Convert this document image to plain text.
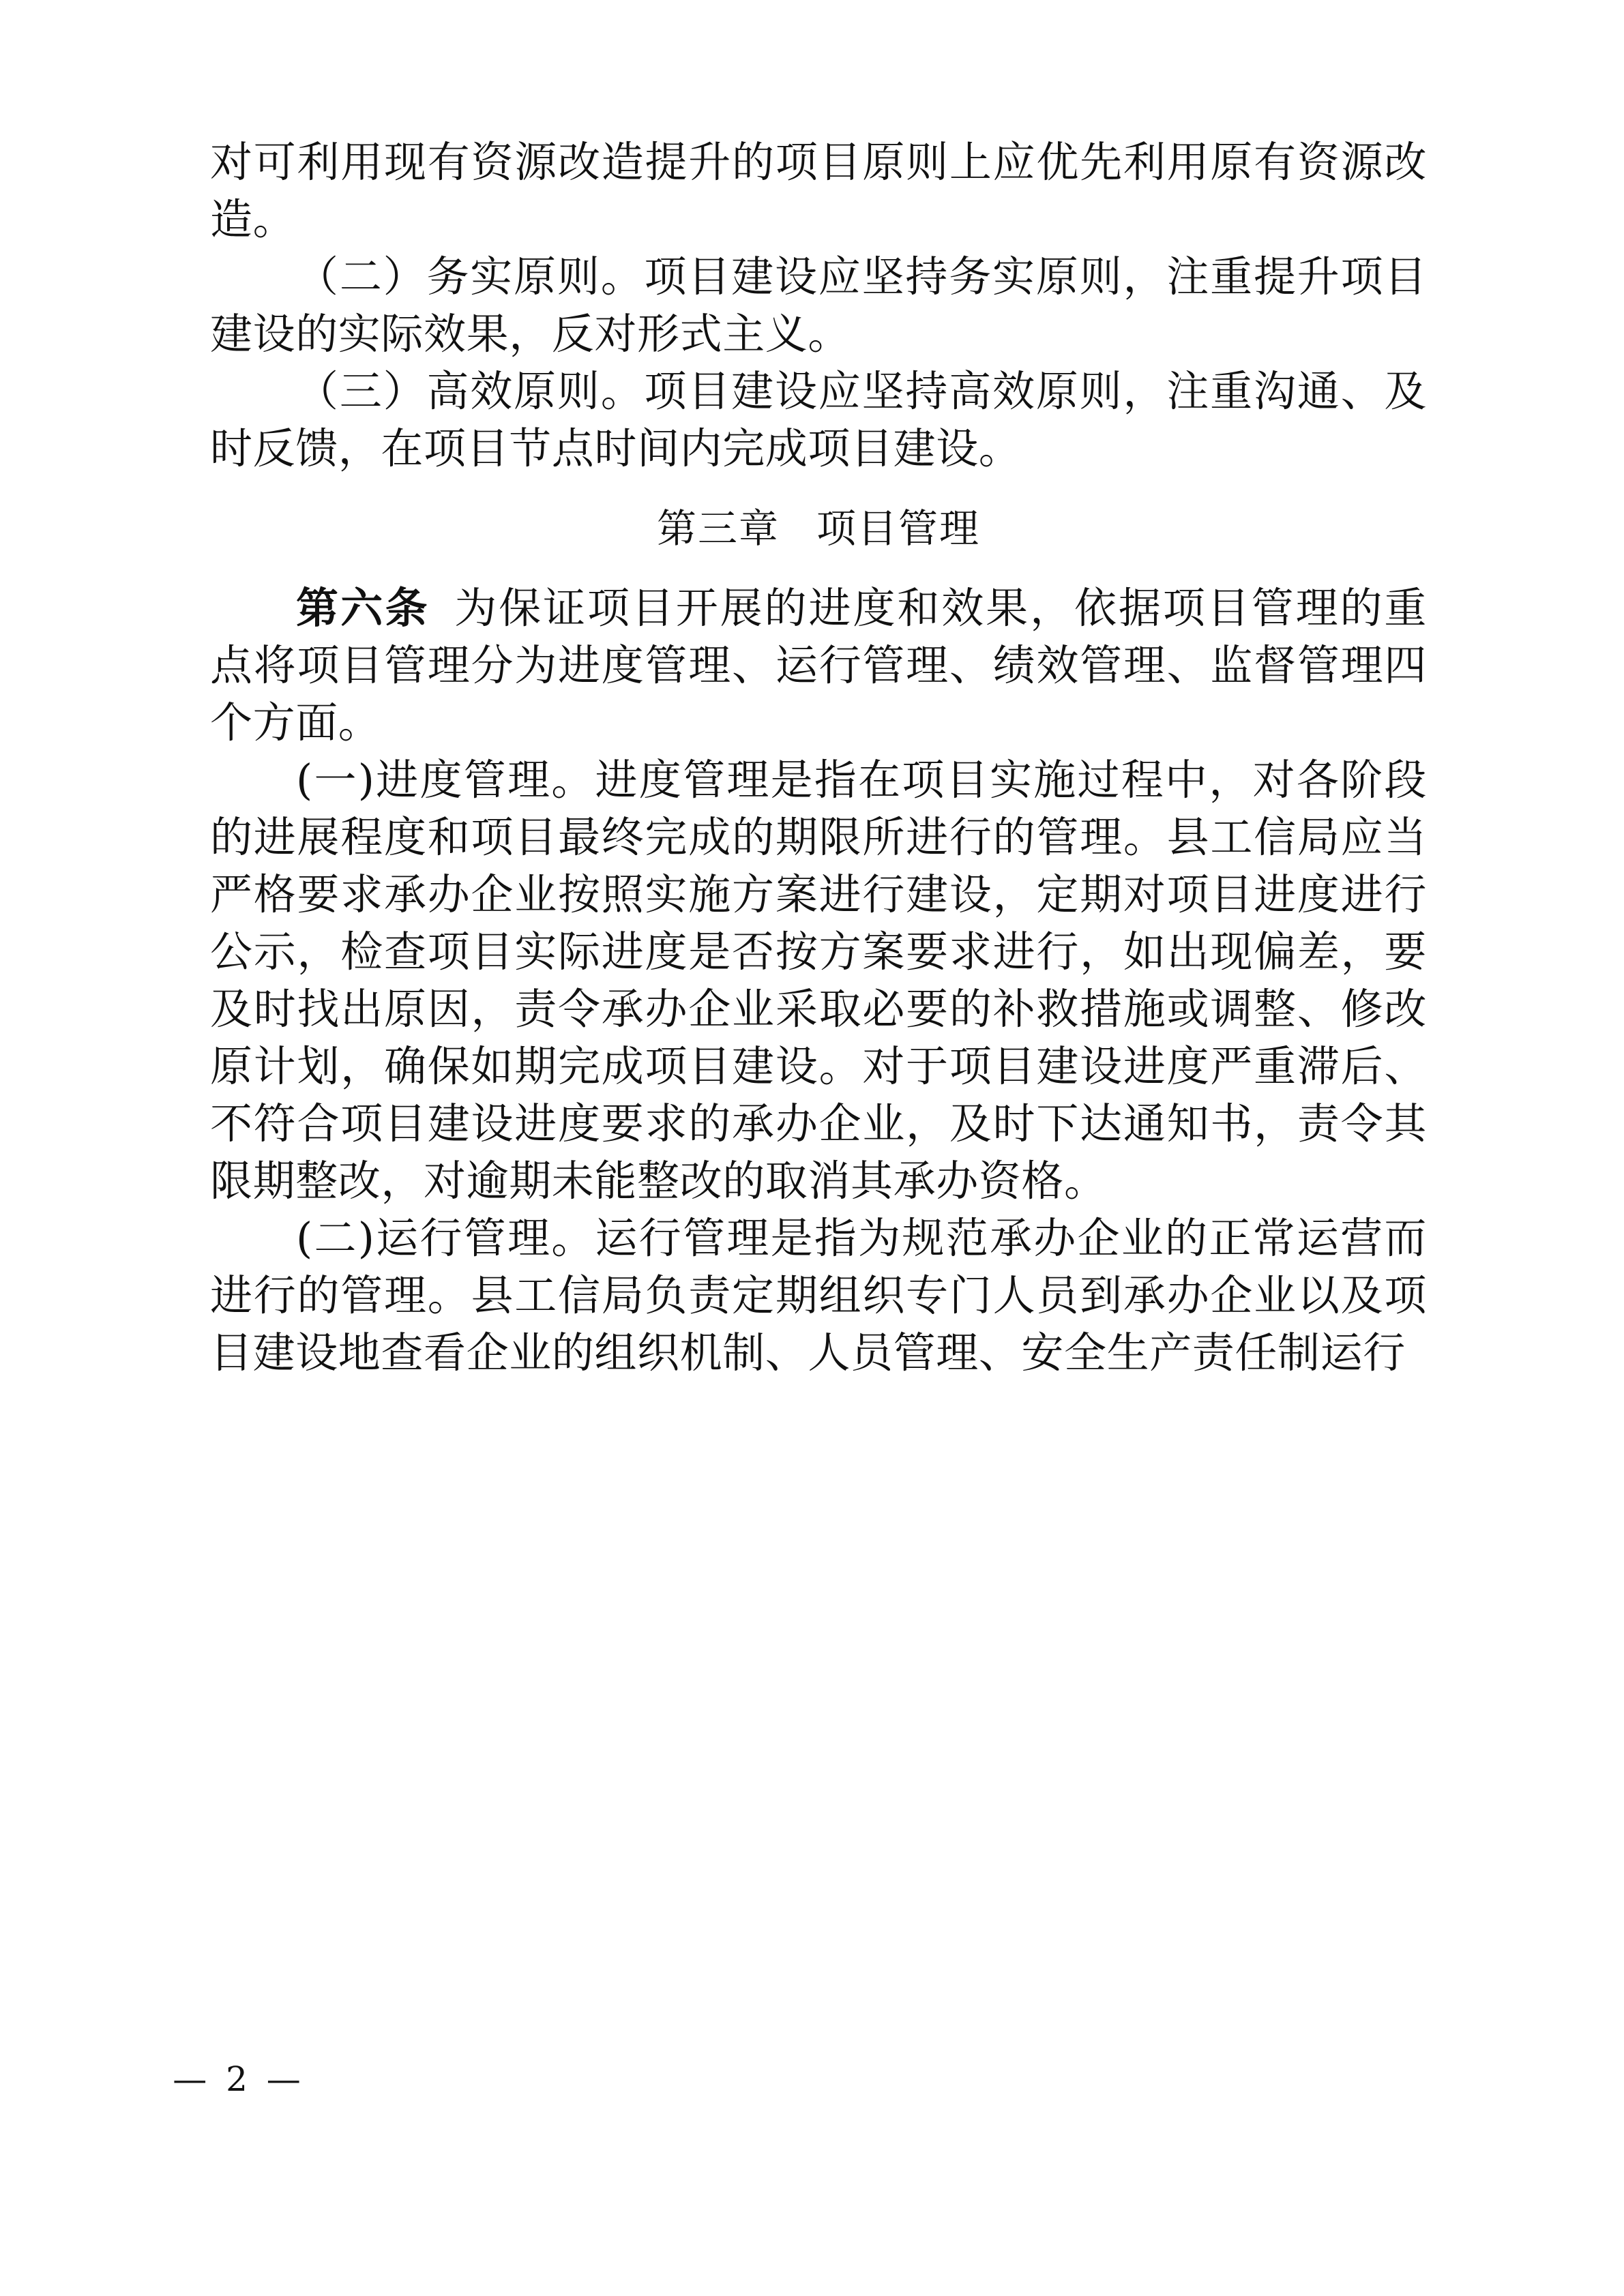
对可利用现有资源改造提升的项目原则上应优先利用原有资源改造。

（二）务实原则。项目建设应坚持务实原则，注重提升项目建设的实际效果，反对形式主义。

（三）高效原则。项目建设应坚持高效原则，注重沟通、及时反馈，在项目节点时间内完成项目建设。

第三章 项目管理

第六条 为保证项目开展的进度和效果，依据项目管理的重点将项目管理分为进度管理、运行管理、绩效管理、监督管理四个方面。

(一)进度管理。进度管理是指在项目实施过程中，对各阶段的进展程度和项目最终完成的期限所进行的管理。县工信局应当严格要求承办企业按照实施方案进行建设，定期对项目进度进行公示，检查项目实际进度是否按方案要求进行，如出现偏差，要及时找出原因，责令承办企业采取必要的补救措施或调整、修改原计划，确保如期完成项目建设。对于项目建设进度严重滞后、不符合项目建设进度要求的承办企业，及时下达通知书，责令其限期整改，对逾期未能整改的取消其承办资格。

(二)运行管理。运行管理是指为规范承办企业的正常运营而进行的管理。县工信局负责定期组织专门人员到承办企业以及项目建设地查看企业的组织机制、人员管理、安全生产责任制运行

— 2 —
